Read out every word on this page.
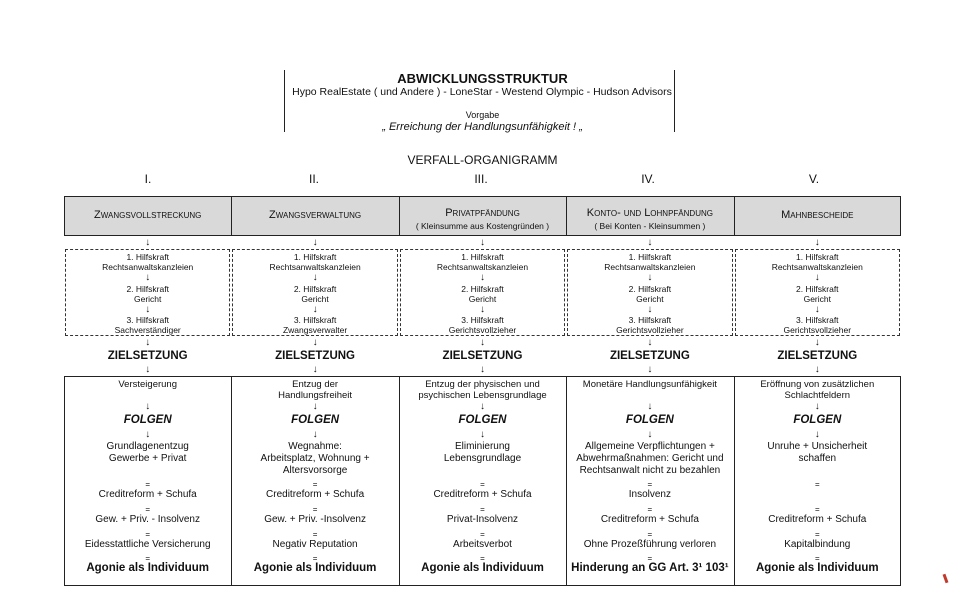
ABWICKLUNGSSTRUKTUR
Hypo RealEstate ( und Andere ) - LoneStar - Westend Olympic - Hudson Advisors
Vorgabe
„ Erreichung der Handlungsunfähigkeit ! „
VERFALL-ORGANIGRAMM
I.
Zwangsvollstreckung
↓
1. Hilfskraft
Rechtsanwaltskanzleien
2. Hilfskraft
Gericht
3. Hilfskraft
Sachverständiger
↓
↓
↓
ZIELSETZUNG
↓
Versteigerung
↓
FOLGEN
↓
Grundlagenentzug
Gewerbe + Privat
=
Creditreform + Schufa
=
Gew. + Priv. - Insolvenz
=
Eidesstattliche Versicherung
=
Agonie als Individuum
II.
Zwangsverwaltung
↓
1. Hilfskraft
Rechtsanwaltskanzleien
2. Hilfskraft
Gericht
3. Hilfskraft
Zwangsverwalter
↓
↓
↓
ZIELSETZUNG
↓
Entzug der
Handlungsfreiheit
↓
FOLGEN
↓
Wegnahme:
Arbeitsplatz, Wohnung +
Altersvorsorge
=
Creditreform + Schufa
=
Gew. + Priv. -Insolvenz
=
Negativ Reputation
=
Agonie als Individuum
III.
Privatpfändung
( Kleinsumme aus Kostengründen )
↓
1. Hilfskraft
Rechtsanwaltskanzleien
2. Hilfskraft
Gericht
3. Hilfskraft
Gerichtsvollzieher
↓
↓
↓
ZIELSETZUNG
↓
Entzug der physischen und
psychischen Lebensgrundlage
↓
FOLGEN
↓
Eliminierung
Lebensgrundlage
=
Creditreform + Schufa
=
Privat-Insolvenz
=
Arbeitsverbot
=
Agonie als Individuum
IV.
Konto- und Lohnpfändung
( Bei Konten - Kleinsummen )
↓
1. Hilfskraft
Rechtsanwaltskanzleien
2. Hilfskraft
Gericht
3. Hilfskraft
Gerichtsvollzieher
↓
↓
↓
ZIELSETZUNG
↓
Monetäre Handlungsunfähigkeit
↓
FOLGEN
↓
Allgemeine Verpflichtungen +
Abwehrmaßnahmen: Gericht und
Rechtsanwalt nicht zu bezahlen
=
Insolvenz
=
Creditreform + Schufa
=
Ohne Prozeßführung verloren
=
Hinderung an GG Art. 3¹ 103¹
V.
Mahnbescheide
↓
1. Hilfskraft
Rechtsanwaltskanzleien
2. Hilfskraft
Gericht
3. Hilfskraft
Gerichtsvollzieher
↓
↓
↓
ZIELSETZUNG
↓
Eröffnung von zusätzlichen
Schlachtfeldern
↓
FOLGEN
↓
Unruhe + Unsicherheit
schaffen
=
=
Creditreform + Schufa
=
Kapitalbindung
=
Agonie als Individuum
